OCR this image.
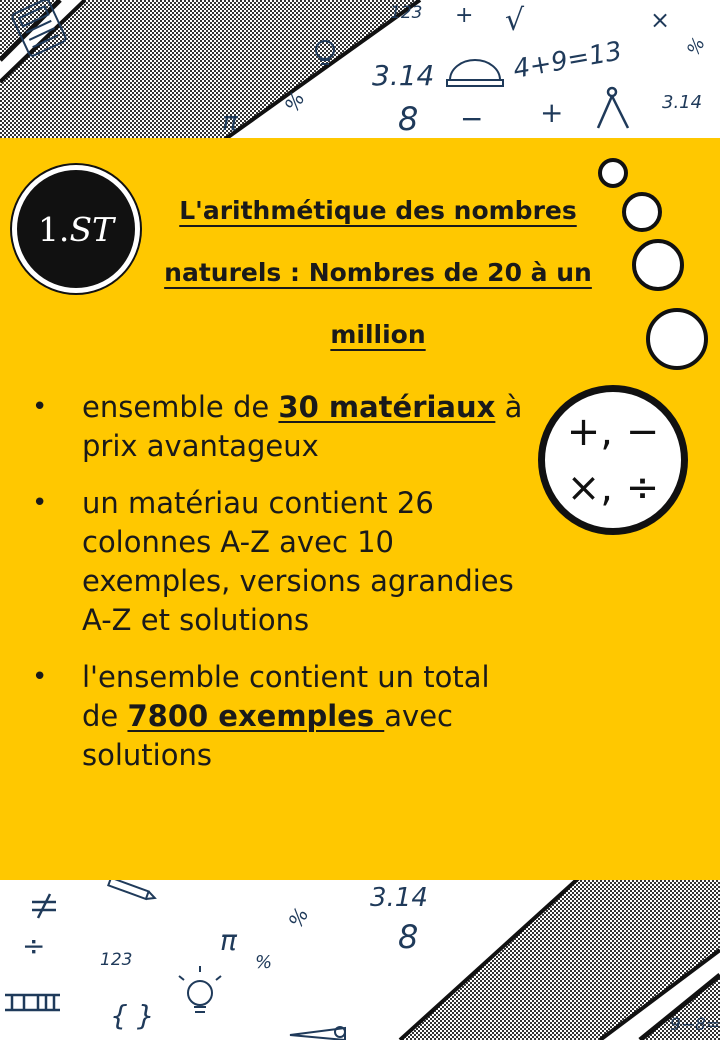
123 + √	×
3.14	4+9=13
8 − +	3.14
π
%
%
3.14
8
π
%
÷	123
{ }	9−8=
%
1. ST	L'arithmétique des nombres
naturels : Nombres de 20 à un
million
+, −
×, ÷
• ensemble de 30 matériaux à prix avantageux
• un matériau contient 26 colonnes A-Z avec 10 exemples, versions agrandies A-Z et solutions
• l'ensemble contient un total de 7800 exemples avec solutions
